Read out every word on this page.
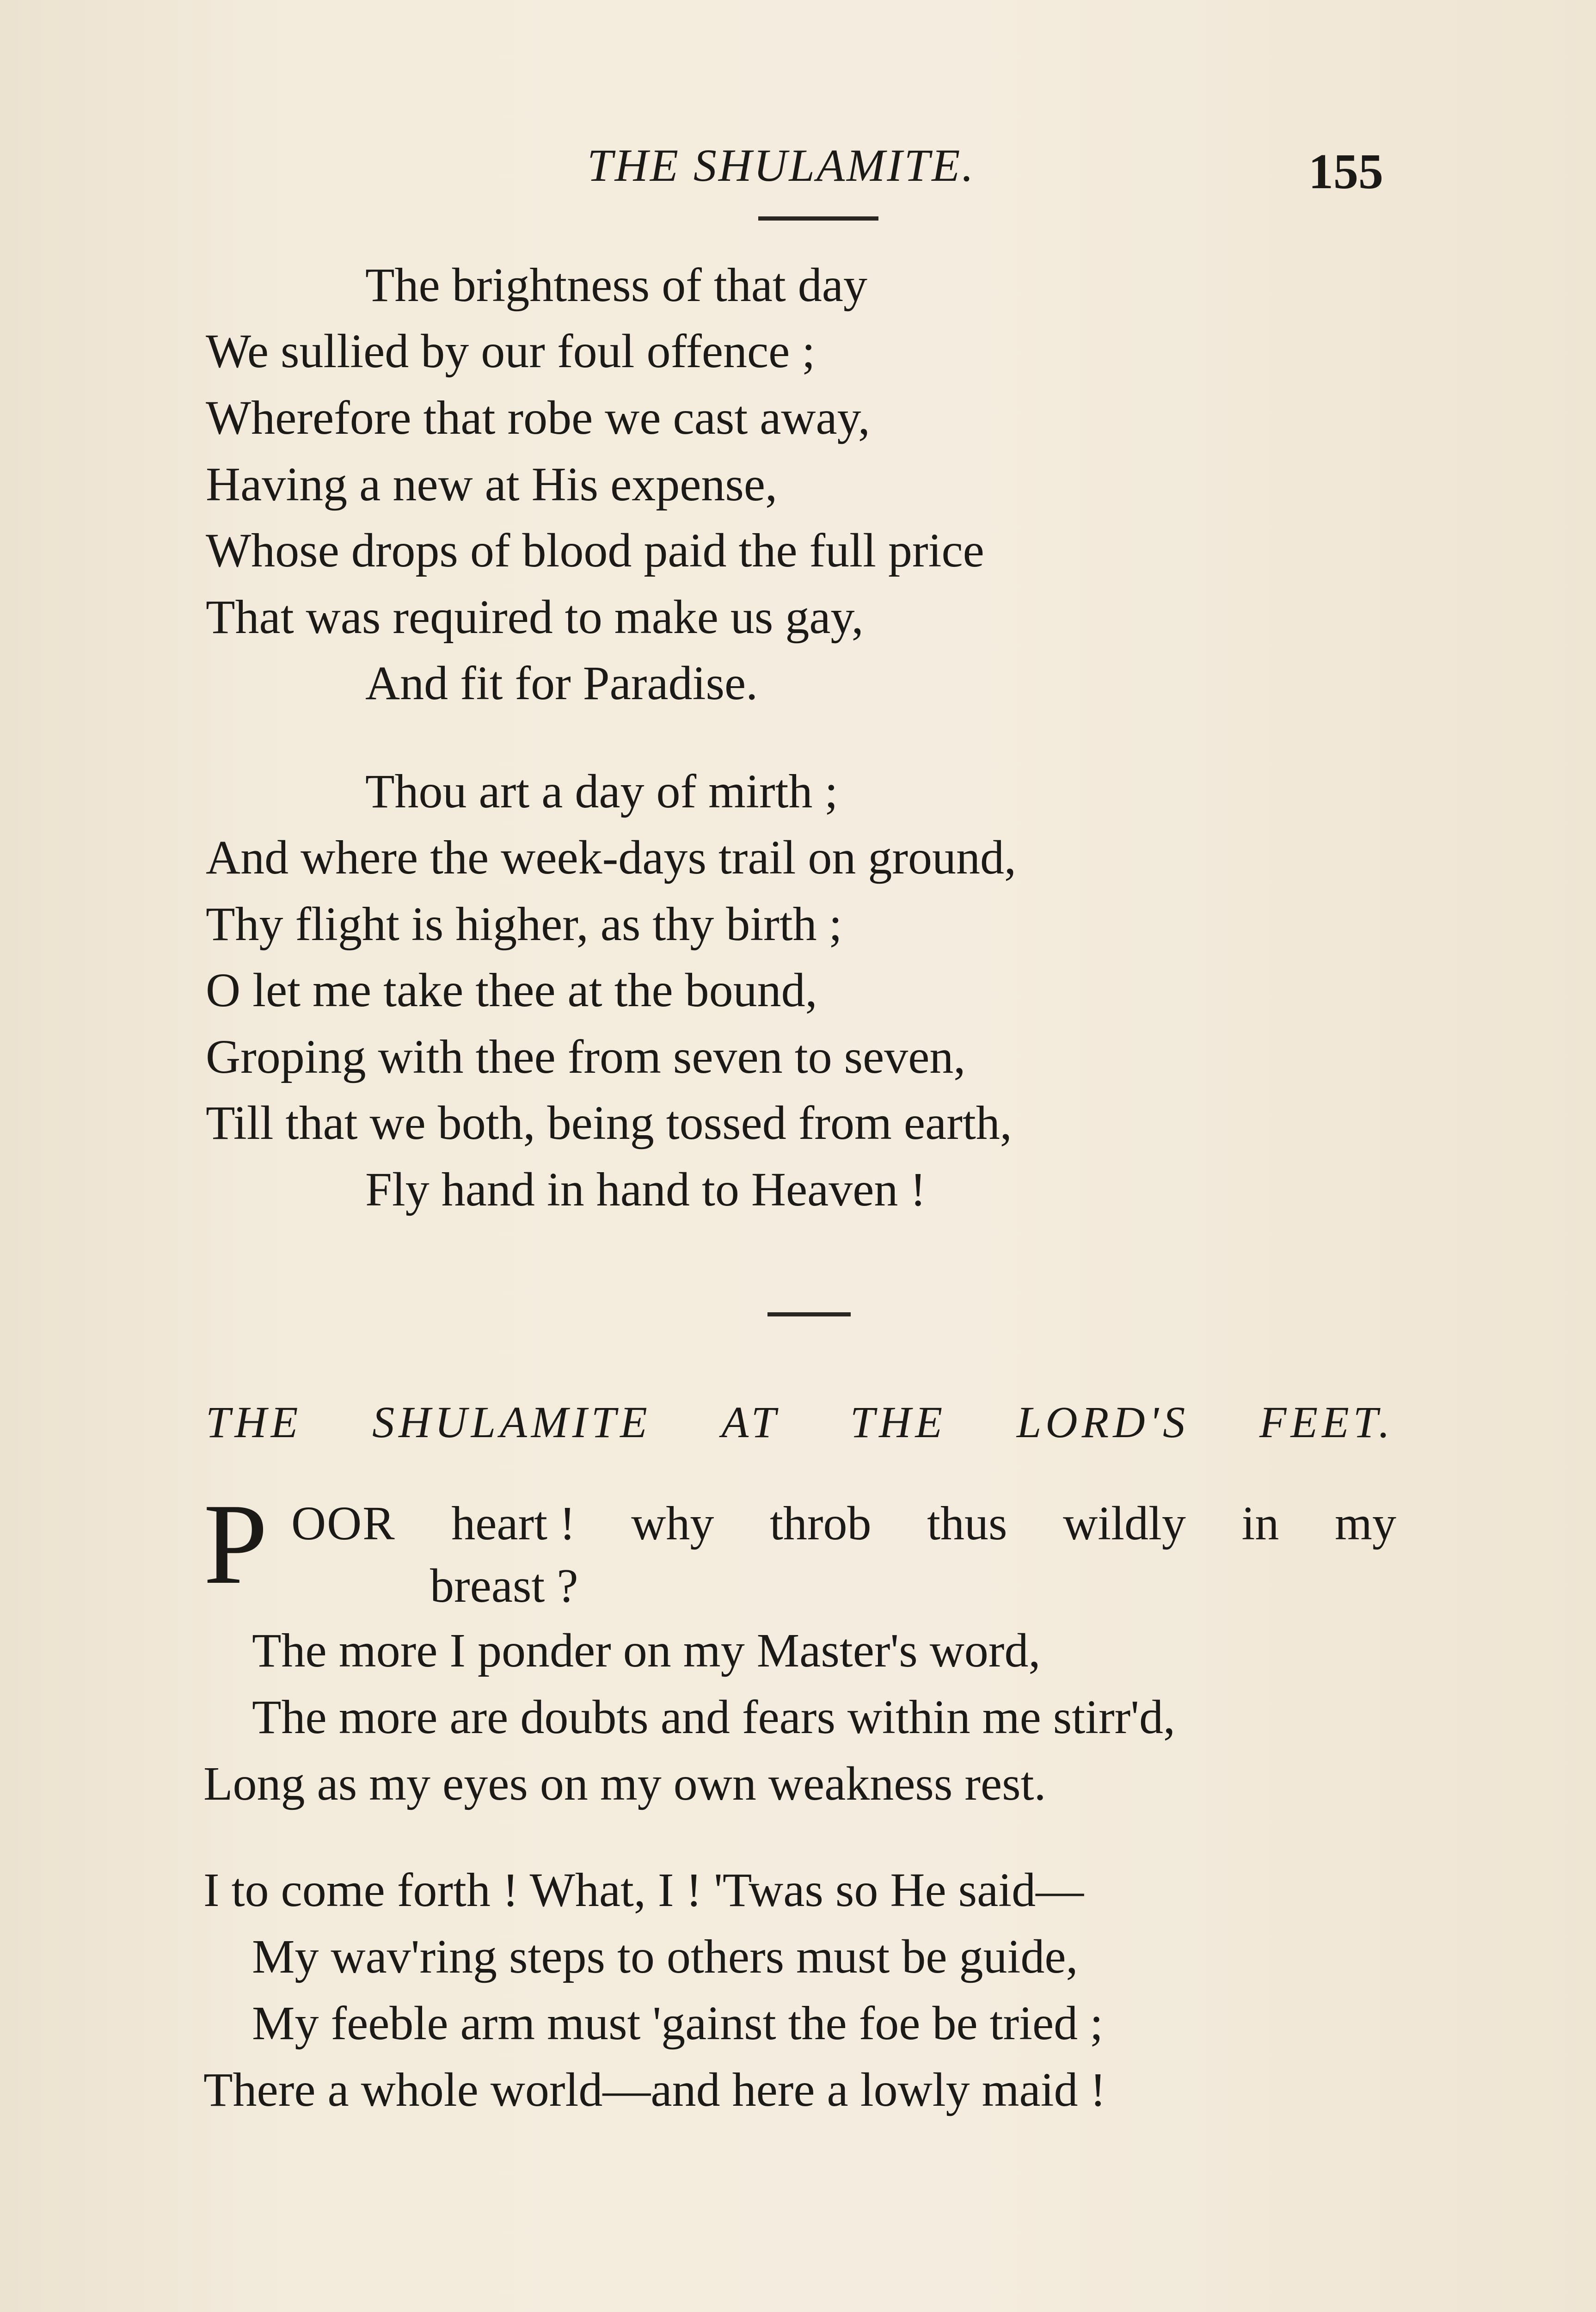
THE SHULAMITE.	155
The brightness of that day
We sullied by our foul offence ;
Wherefore that robe we cast away,
Having a new at His expense,
Whose drops of blood paid the full price
That was required to make us gay,
And fit for Paradise.
Thou art a day of mirth ;
And where the week-days trail on ground,
Thy flight is higher, as thy birth ;
O let me take thee at the bound,
Groping with thee from seven to seven,
Till that we both, being tossed from earth,
Fly hand in hand to Heaven !
THE SHULAMITE AT THE LORD'S FEET.
P OOR heart ! why throb thus wildly in my
breast ?
The more I ponder on my Master's word,
The more are doubts and fears within me stirr'd,
Long as my eyes on my own weakness rest.
I to come forth ! What, I ! 'Twas so He said—
My wav'ring steps to others must be guide,
My feeble arm must 'gainst the foe be tried ;
There a whole world—and here a lowly maid !
